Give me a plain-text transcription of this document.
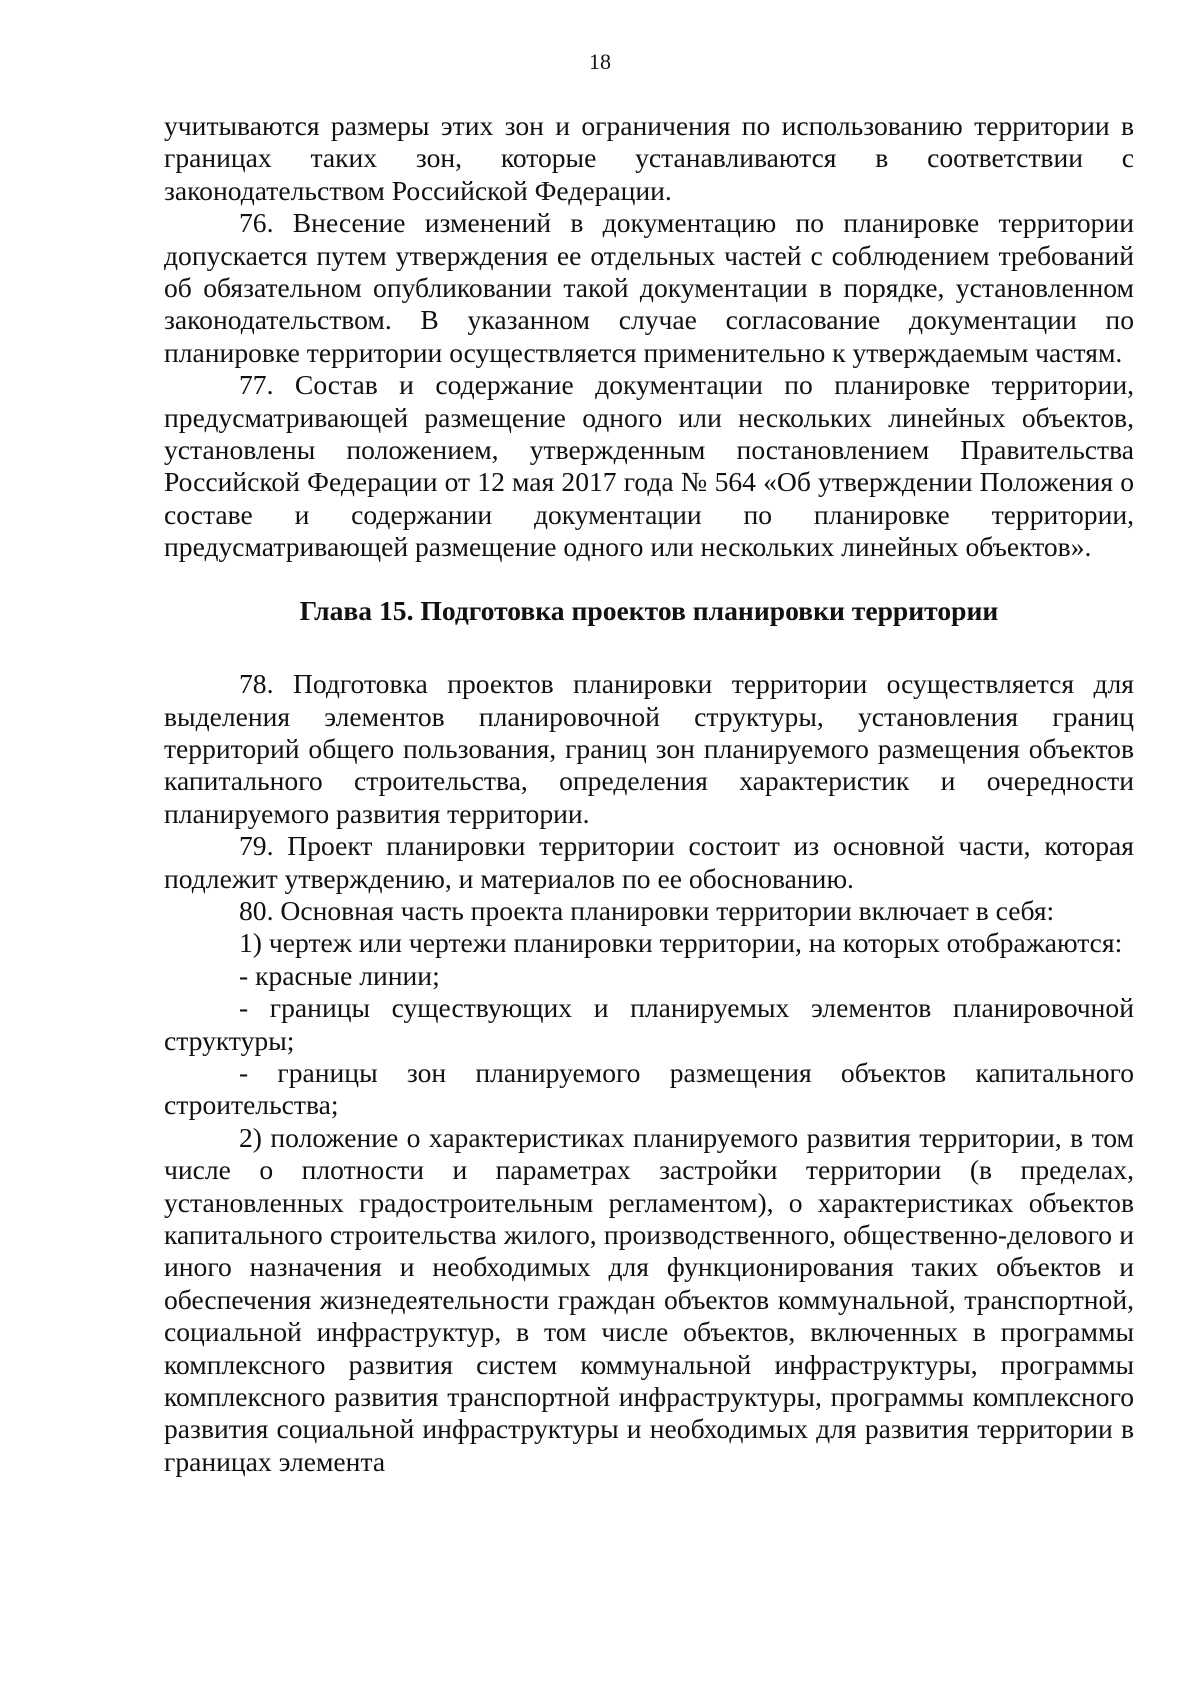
18

учитываются размеры этих зон и ограничения по использованию территории в границах таких зон, которые устанавливаются в соответствии с законодательством Российской Федерации.

76. Внесение изменений в документацию по планировке территории допускается путем утверждения ее отдельных частей с соблюдением требований об обязательном опубликовании такой документации в порядке, установленном законодательством. В указанном случае согласование документации по планировке территории осуществляется применительно к утверждаемым частям.

77. Состав и содержание документации по планировке территории, предусматривающей размещение одного или нескольких линейных объектов, установлены положением, утвержденным постановлением Правительства Российской Федерации от 12 мая 2017 года № 564 «Об утверждении Положения о составе и содержании документации по планировке территории, предусматривающей размещение одного или нескольких линейных объектов».

Глава 15. Подготовка проектов планировки территории

78. Подготовка проектов планировки территории осуществляется для выделения элементов планировочной структуры, установления границ территорий общего пользования, границ зон планируемого размещения объектов капитального строительства, определения характеристик и очередности планируемого развития территории.

79. Проект планировки территории состоит из основной части, которая подлежит утверждению, и материалов по ее обоснованию.

80. Основная часть проекта планировки территории включает в себя:

1) чертеж или чертежи планировки территории, на которых отображаются:

- красные линии;

- границы существующих и планируемых элементов планировочной структуры;

- границы зон планируемого размещения объектов капитального строительства;

2) положение о характеристиках планируемого развития территории, в том числе о плотности и параметрах застройки территории (в пределах, установленных градостроительным регламентом), о характеристиках объектов капитального строительства жилого, производственного, общественно-делового и иного назначения и необходимых для функционирования таких объектов и обеспечения жизнедеятельности граждан объектов коммунальной, транспортной, социальной инфраструктур, в том числе объектов, включенных в программы комплексного развития систем коммунальной инфраструктуры, программы комплексного развития транспортной инфраструктуры, программы комплексного развития социальной инфраструктуры и необходимых для развития территории в границах элемента
